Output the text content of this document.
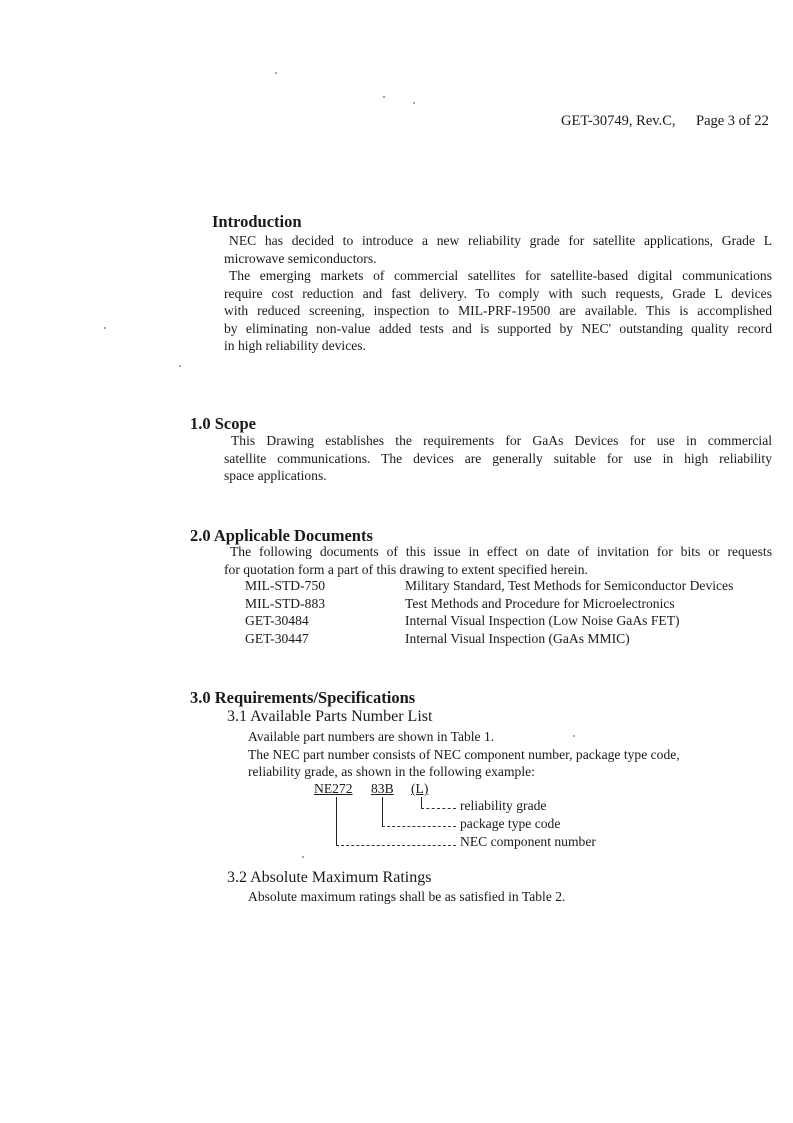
GET-30749, Rev.C, Page 3 of 22
Introduction
NEC has decided to introduce a new reliability grade for satellite applications, Grade L
microwave semiconductors.
The emerging markets of commercial satellites for satellite-based digital communications
require cost reduction and fast delivery. To comply with such requests, Grade L devices
with reduced screening, inspection to MIL-PRF-19500 are available. This is accomplished
by eliminating non-value added tests and is supported by NEC' outstanding quality record
in high reliability devices.
1.0 Scope
This Drawing establishes the requirements for GaAs Devices for use in commercial
satellite communications. The devices are generally suitable for use in high reliability
space applications.
2.0 Applicable Documents
The following documents of this issue in effect on date of invitation for bits or requests
for quotation form a part of this drawing to extent specified herein.
MIL-STD-750	Military Standard, Test Methods for Semiconductor Devices
MIL-STD-883	Test Methods and Procedure for Microelectronics
GET-30484	Internal Visual Inspection (Low Noise GaAs FET)
GET-30447	Internal Visual Inspection (GaAs MMIC)
3.0 Requirements/Specifications
3.1 Available Parts Number List
Available part numbers are shown in Table 1.
The NEC part number consists of NEC component number, package type code,
reliability grade, as shown in the following example:
NE272 83B (L)
reliability grade
package type code
NEC component number
3.2 Absolute Maximum Ratings
Absolute maximum ratings shall be as satisfied in Table 2.
